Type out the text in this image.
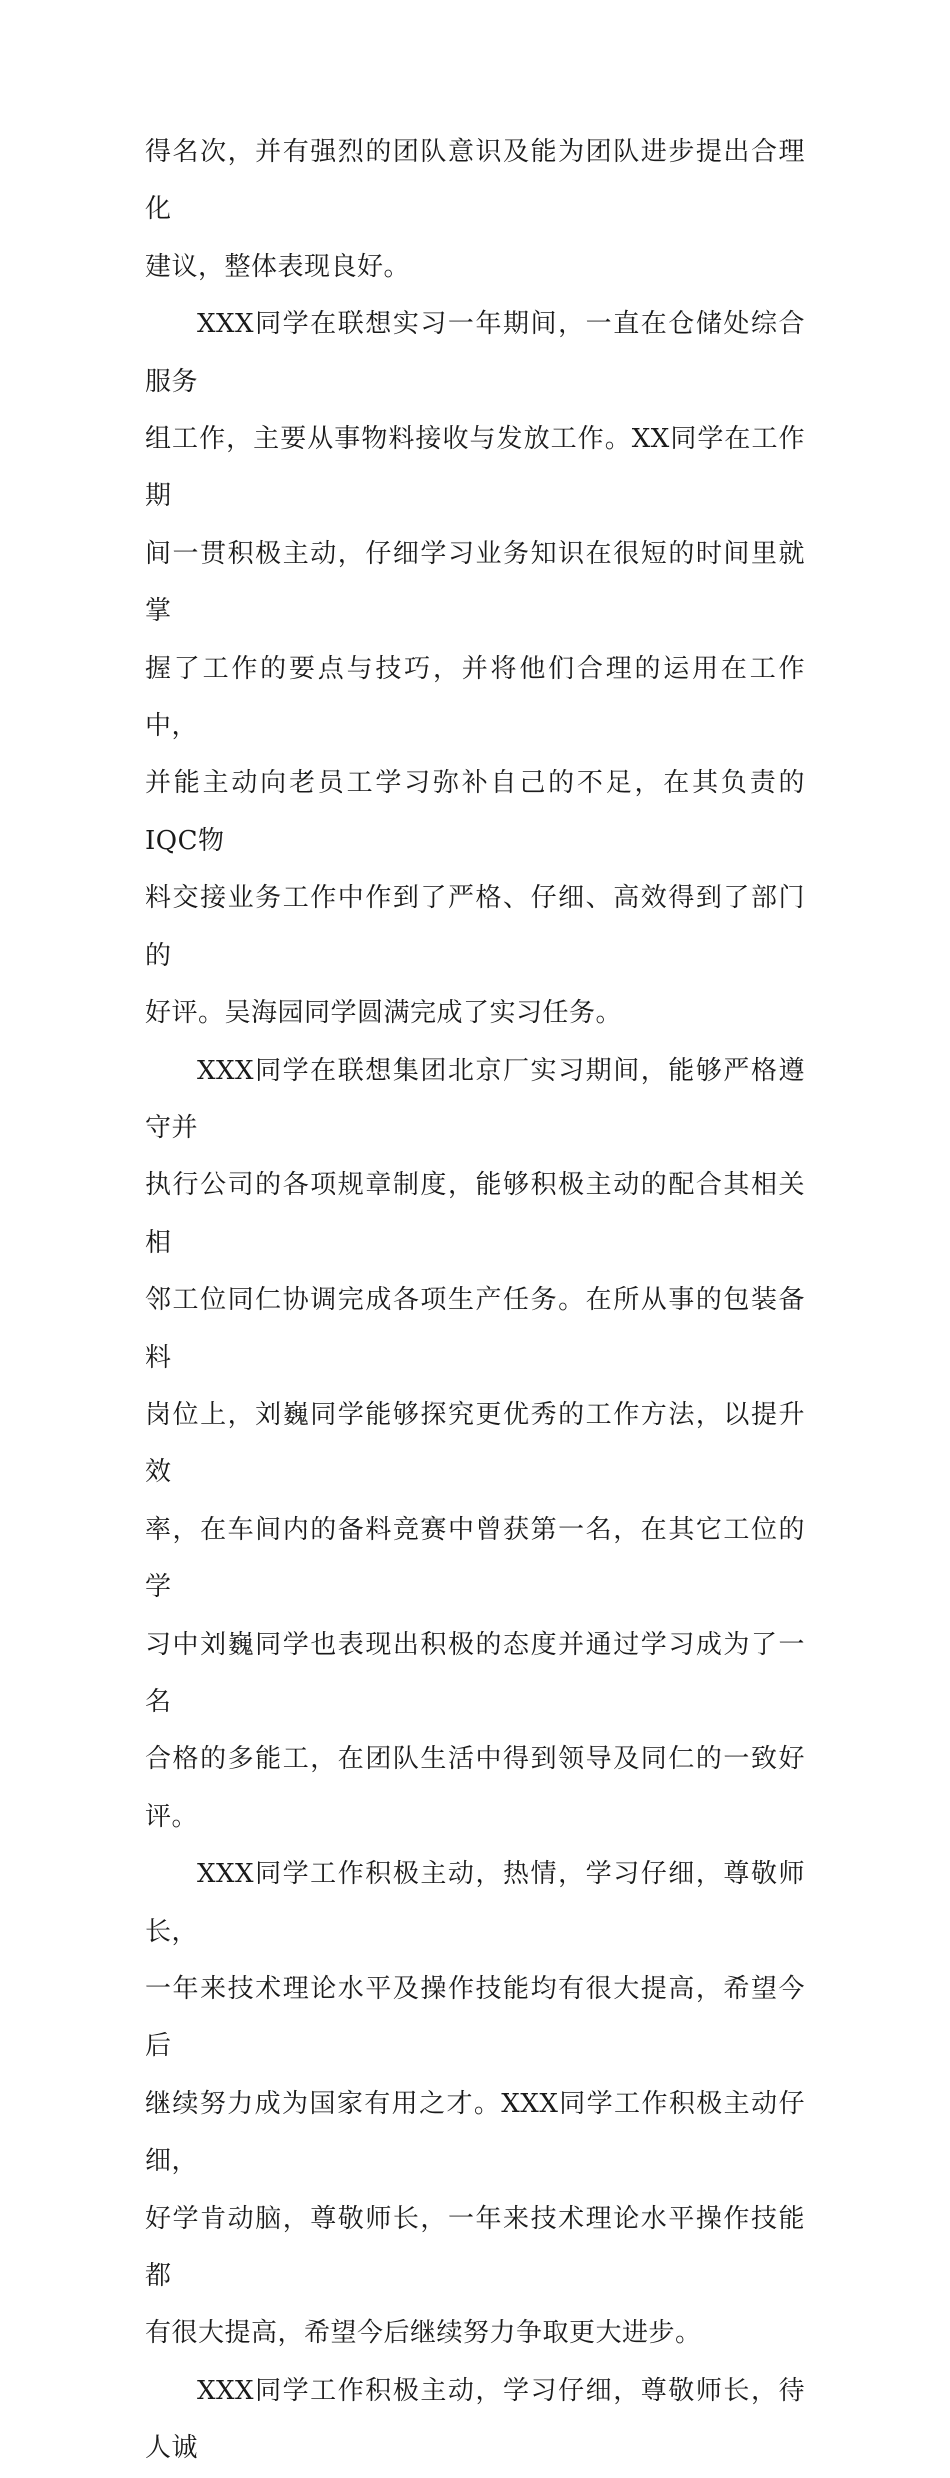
得名次，并有强烈的团队意识及能为团队进步提出合理化
建议，整体表现良好。

XXX同学在联想实习一年期间，一直在仓储处综合服务
组工作，主要从事物料接收与发放工作。XX同学在工作期
间一贯积极主动，仔细学习业务知识在很短的时间里就掌
握了工作的要点与技巧，并将他们合理的运用在工作中，
并能主动向老员工学习弥补自己的不足，在其负责的IQC物
料交接业务工作中作到了严格、仔细、高效得到了部门的
好评。吴海园同学圆满完成了实习任务。

XXX同学在联想集团北京厂实习期间，能够严格遵守并
执行公司的各项规章制度，能够积极主动的配合其相关相
邻工位同仁协调完成各项生产任务。在所从事的包装备料
岗位上，刘巍同学能够探究更优秀的工作方法，以提升效
率，在车间内的备料竞赛中曾获第一名，在其它工位的学
习中刘巍同学也表现出积极的态度并通过学习成为了一名
合格的多能工，在团队生活中得到领导及同仁的一致好评。

XXX同学工作积极主动，热情，学习仔细，尊敬师长，
一年来技术理论水平及操作技能均有很大提高，希望今后
继续努力成为国家有用之才。XXX同学工作积极主动仔细，
好学肯动脑，尊敬师长，一年来技术理论水平操作技能都
有很大提高，希望今后继续努力争取更大进步。

XXX同学工作积极主动，学习仔细，尊敬师长，待人诚
